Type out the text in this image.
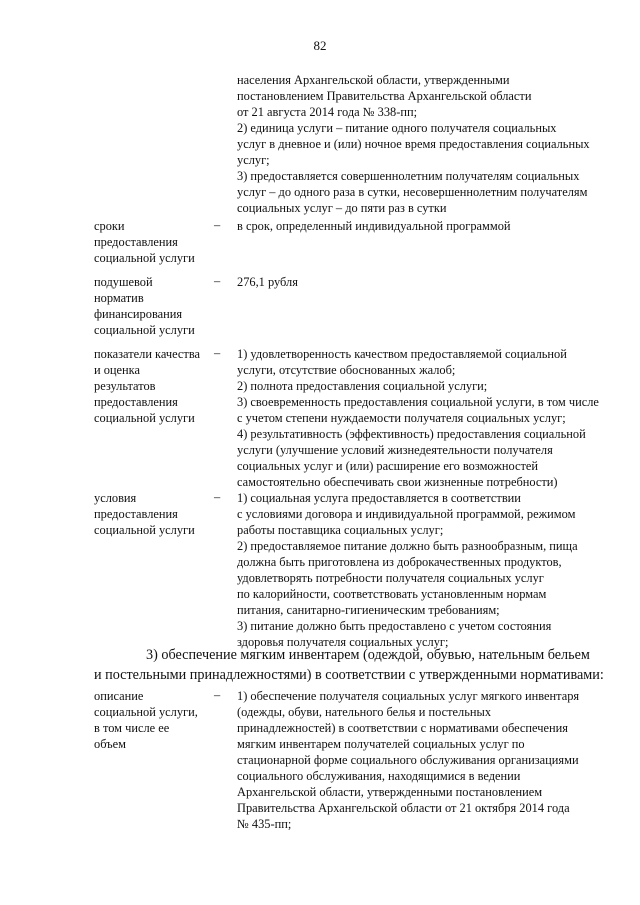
82
населения Архангельской области, утвержденными
постановлением Правительства Архангельской области
от 21 августа 2014 года № 338-пп;
2) единица услуги – питание одного получателя социальных
услуг в дневное и (или) ночное время предоставления социальных
услуг;
3) предоставляется совершеннолетним получателям социальных
услуг – до одного раза в сутки, несовершеннолетним получателям
социальных услуг – до пяти раз в сутки
сроки
предоставления
социальной услуги
– в срок, определенный индивидуальной программой
подушевой
норматив
финансирования
социальной услуги
– 276,1 рубля
показатели качества
и оценка
результатов
предоставления
социальной услуги
– 1) удовлетворенность качеством предоставляемой социальной
услуги, отсутствие обоснованных жалоб;
2) полнота предоставления социальной услуги;
3) своевременность предоставления социальной услуги, в том числе
с учетом степени нуждаемости получателя социальных услуг;
4) результативность (эффективность) предоставления социальной
услуги (улучшение условий жизнедеятельности получателя
социальных услуг и (или) расширение его возможностей
самостоятельно обеспечивать свои жизненные потребности)
условия
предоставления
социальной услуги
– 1) социальная услуга предоставляется в соответствии
с условиями договора и индивидуальной программой, режимом
работы поставщика социальных услуг;
2) предоставляемое питание должно быть разнообразным, пища
должна быть приготовлена из доброкачественных продуктов,
удовлетворять потребности получателя социальных услуг
по калорийности, соответствовать установленным нормам
питания, санитарно-гигиеническим требованиям;
3) питание должно быть предоставлено с учетом состояния
здоровья получателя социальных услуг;
3) обеспечение мягким инвентарем (одеждой, обувью, нательным бельем
и постельными принадлежностями) в соответствии с утвержденными нормативами:
описание
социальной услуги,
в том числе ее
объем
– 1) обеспечение получателя социальных услуг мягкого инвентаря
(одежды, обуви, нательного белья и постельных
принадлежностей) в соответствии с нормативами обеспечения
мягким инвентарем получателей социальных услуг по
стационарной форме социального обслуживания организациями
социального обслуживания, находящимися в ведении
Архангельской области, утвержденными постановлением
Правительства Архангельской области от 21 октября 2014 года
№ 435-пп;
